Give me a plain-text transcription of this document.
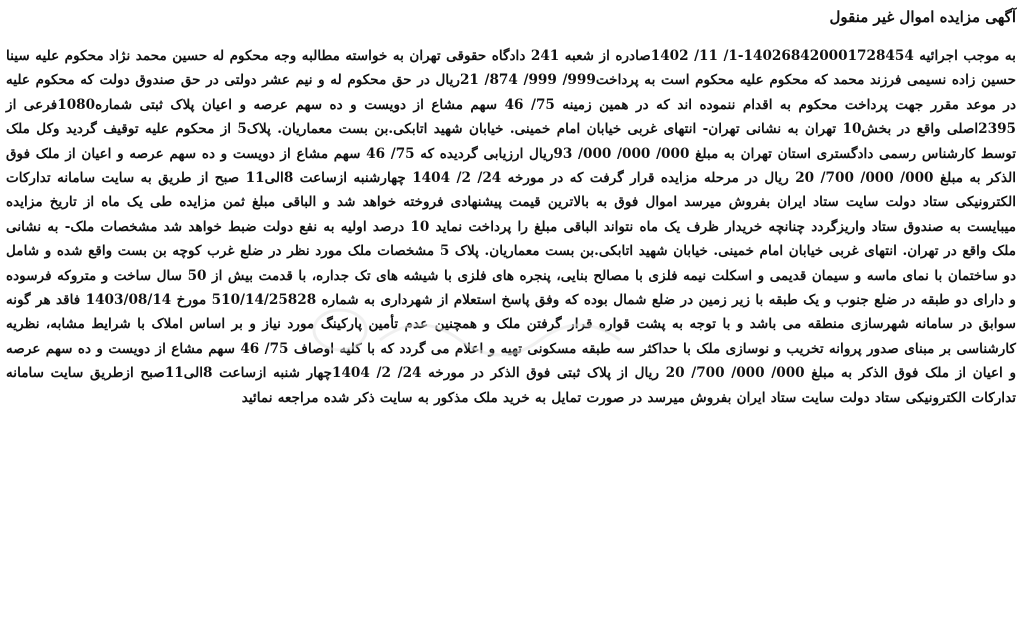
آگهی مزایده اموال غیر منقول
به موجب اجرائیه 140268420001728454-1/ 11/ 1402صادره از شعبه 241 دادگاه حقوقی تهران به خواسته مطالبه وجه محکوم له حسین محمد نژاد محکوم علیه سینا حسین زاده نسیمی فرزند محمد که محکوم علیه محکوم است به پرداخت999/ 999/ 874/ 21ریال در حق محکوم له و نیم عشر دولتی در حق صندوق دولت که محکوم علیه در موعد مقرر جهت پرداخت محکوم به اقدام ننموده اند که در همین زمینه 75/ 46 سهم مشاع از دویست و ده سهم عرصه و اعیان پلاک ثبتی شماره1080فرعی از 2395اصلی واقع در بخش10 تهران به نشانی تهران- انتهای غربی خیابان امام خمینی. خیابان شهید اتابکی.بن بست معماریان. پلاک5 از محکوم علیه توقیف گردید وکل ملک توسط کارشناس رسمی دادگستری استان تهران به مبلغ 000/ 000/ 000/ 93ریال ارزیابی گردیده که 75/ 46 سهم مشاع از دویست و ده سهم عرصه و اعیان از ملک فوق الذکر به مبلغ 000/ 000/ 700/ 20 ریال در مرحله مزایده قرار گرفت که در مورخه 24/ 2/ 1404 چهارشنبه ازساعت 8الی11 صبح از طریق به سایت سامانه تدارکات الکترونیکی ستاد دولت سایت ستاد ایران بفروش میرسد اموال فوق به بالاترین قیمت پیشنهادی فروخته خواهد شد و الباقی مبلغ ثمن مزایده طی یک ماه از تاریخ مزایده میبایست به صندوق ستاد واریزگردد چنانچه خریدار ظرف یک ماه نتواند الباقی مبلغ را پرداخت نماید 10 درصد اولیه به نفع دولت ضبط خواهد شد مشخصات ملک- به نشانی ملک واقع در تهران. انتهای غربی خیابان امام خمینی. خیابان شهید اتابکی.بن بست معماریان. پلاک 5 مشخصات ملک مورد نظر در ضلع غرب کوچه بن بست واقع شده و شامل دو ساختمان با نمای ماسه و سیمان قدیمی و اسکلت نیمه فلزی با مصالح بنایی، پنجره های فلزی با شیشه های تک جداره، با قدمت بیش از 50 سال ساخت و متروکه فرسوده و دارای دو طبقه در ضلع جنوب و یک طبقه با زیر زمین در ضلع شمال بوده که وفق پاسخ استعلام از شهرداری به شماره 510/14/25828 مورخ 1403/08/14 فاقد هر گونه سوابق در سامانه شهرسازی منطقه می باشد و با توجه به پشت قواره قرار گرفتن ملک و همچنین عدم تأمین پارکینگ مورد نیاز و بر اساس املاک با شرایط مشابه، نظریه کارشناسی بر مبنای صدور پروانه تخریب و نوسازی ملک با حداکثر سه طبقه مسکونی تهیه و اعلام می گردد که با کلیه اوصاف 75/ 46 سهم مشاع از دویست و ده سهم عرصه و اعیان از ملک فوق الذکر به مبلغ 000/ 000/ 700/ 20 ریال از پلاک ثبتی فوق الذکر در مورخه 24/ 2/ 1404چهار شنبه ازساعت 8الی11صبح ازطریق سایت سامانه تدارکات الکترونیکی ستاد دولت سایت ستاد ایران بفروش میرسد در صورت تمایل به خرید ملک مذکور به سایت ذکر شده مراجعه نمائید
